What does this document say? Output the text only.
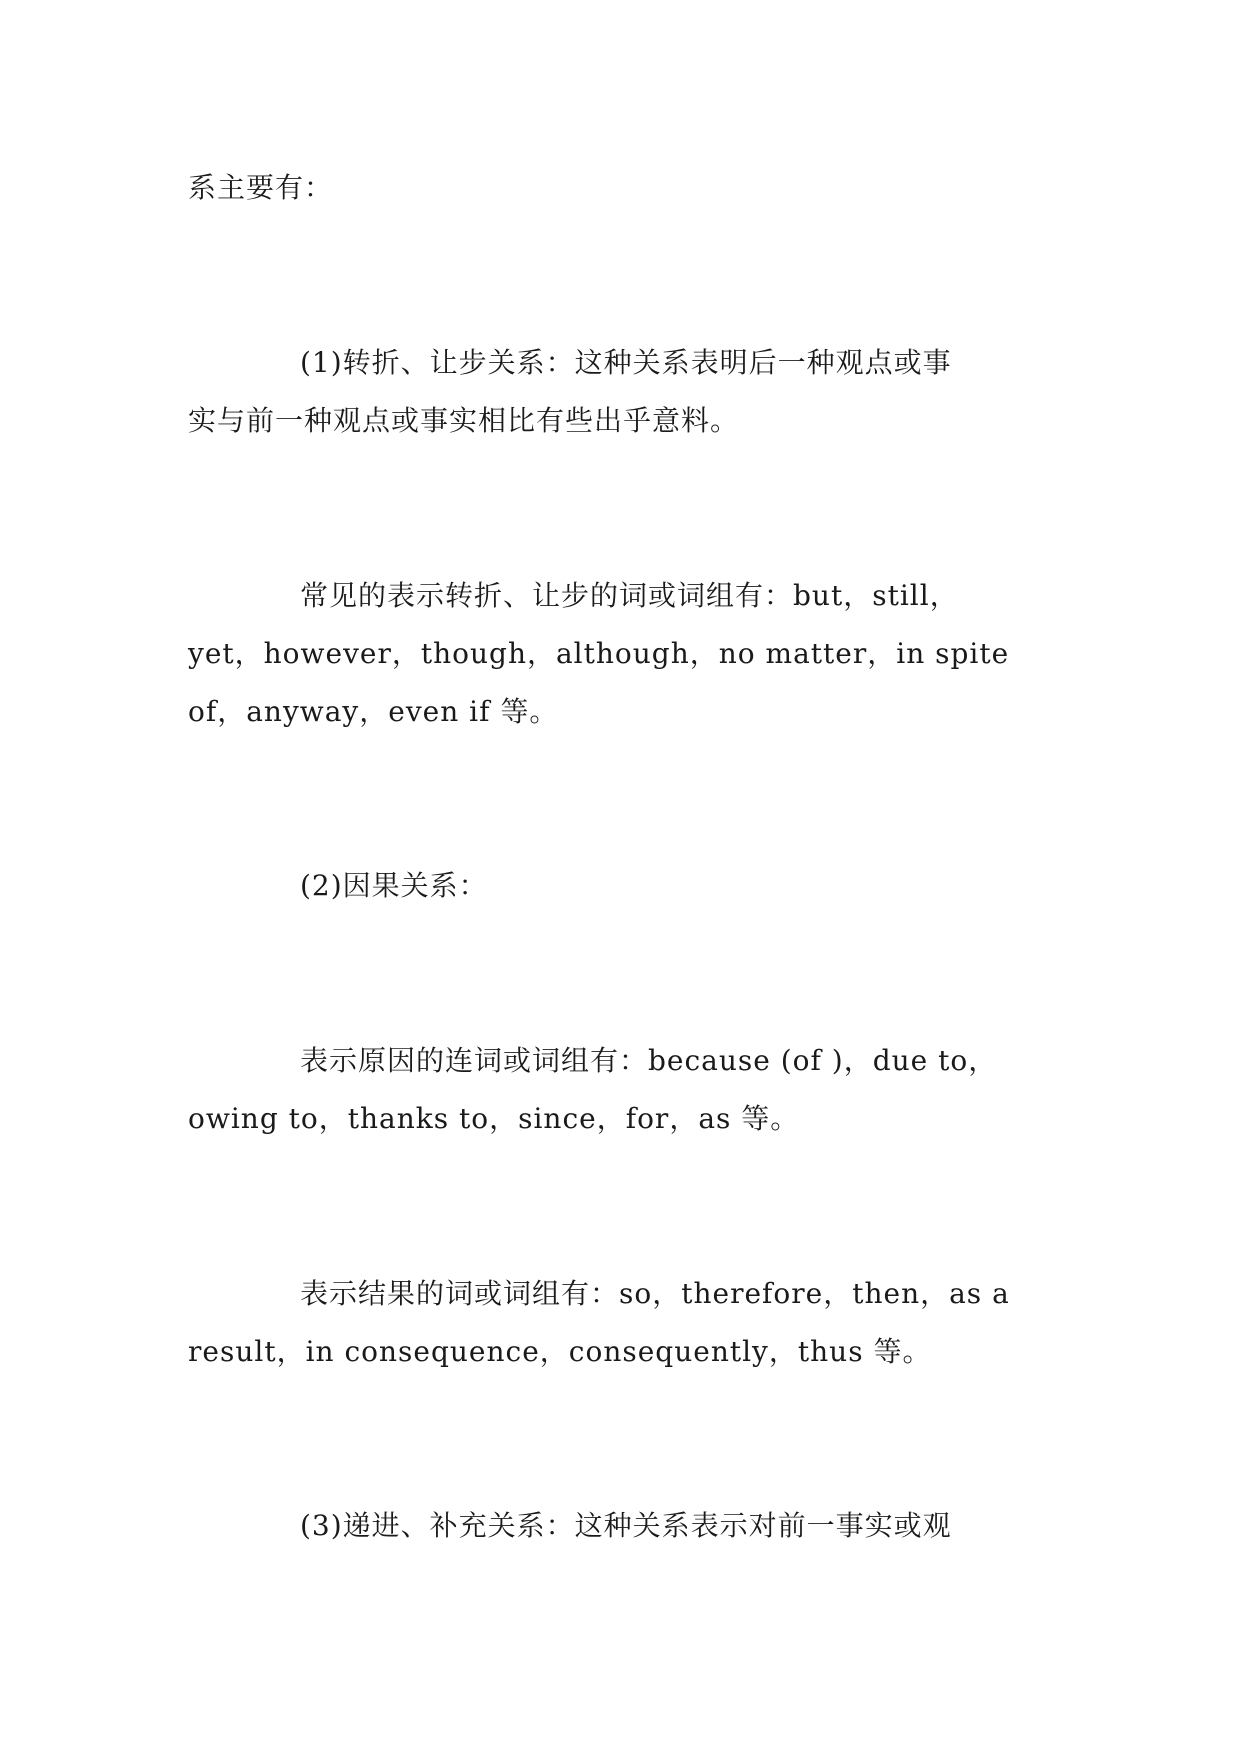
系主要有：
(1)转折、让步关系：这种关系表明后一种观点或事
实与前一种观点或事实相比有些出乎意料。
常见的表示转折、让步的词或词组有：but，still，
yet，however，though，although，no matter，in spite
of，anyway，even if 等。
(2)因果关系：
表示原因的连词或词组有：because (of )，due to，
owing to，thanks to，since，for，as 等。
表示结果的词或词组有：so，therefore，then，as a
result，in consequence，consequently，thus 等。
(3)递进、补充关系：这种关系表示对前一事实或观
